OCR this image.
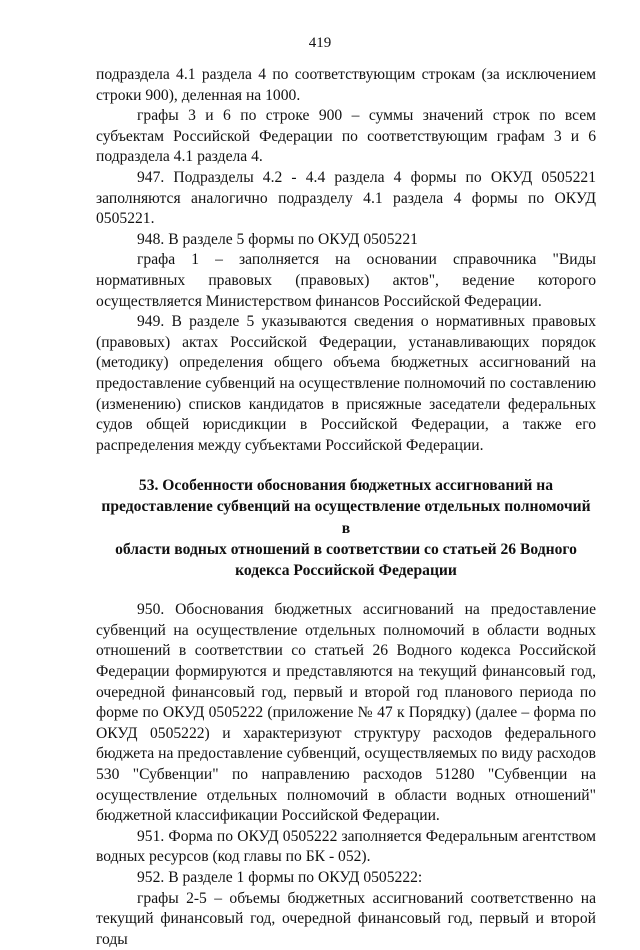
419

подраздела 4.1 раздела 4 по соответствующим строкам (за исключением строки 900), деленная на 1000.

графы 3 и 6 по строке 900 – суммы значений строк по всем субъектам Российской Федерации по соответствующим графам 3 и 6 подраздела 4.1 раздела 4.

947. Подразделы 4.2 - 4.4 раздела 4 формы по ОКУД 0505221 заполняются аналогично подразделу 4.1 раздела 4 формы по ОКУД 0505221.

948. В разделе 5 формы по ОКУД 0505221

графа 1 – заполняется на основании справочника "Виды нормативных правовых (правовых) актов", ведение которого осуществляется Министерством финансов Российской Федерации.

949. В разделе 5 указываются сведения о нормативных правовых (правовых) актах Российской Федерации, устанавливающих порядок (методику) определения общего объема бюджетных ассигнований на предоставление субвенций на осуществление полномочий по составлению (изменению) списков кандидатов в присяжные заседатели федеральных судов общей юрисдикции в Российской Федерации, а также его распределения между субъектами Российской Федерации.

53. Особенности обоснования бюджетных ассигнований на
предоставление субвенций на осуществление отдельных полномочий в
области водных отношений в соответствии со статьей 26 Водного
кодекса Российской Федерации

950. Обоснования бюджетных ассигнований на предоставление субвенций на осуществление отдельных полномочий в области водных отношений в соответствии со статьей 26 Водного кодекса Российской Федерации формируются и представляются на текущий финансовый год, очередной финансовый год, первый и второй год планового периода по форме по ОКУД 0505222 (приложение № 47 к Порядку) (далее – форма по ОКУД 0505222) и характеризуют структуру расходов федерального бюджета на предоставление субвенций, осуществляемых по виду расходов 530 "Субвенции" по направлению расходов 51280 "Субвенции на осуществление отдельных полномочий в области водных отношений" бюджетной классификации Российской Федерации.

951. Форма по ОКУД 0505222 заполняется Федеральным агентством водных ресурсов (код главы по БК - 052).

952. В разделе 1 формы по ОКУД 0505222:

графы 2-5 – объемы бюджетных ассигнований соответственно на текущий финансовый год, очередной финансовый год, первый и второй годы
